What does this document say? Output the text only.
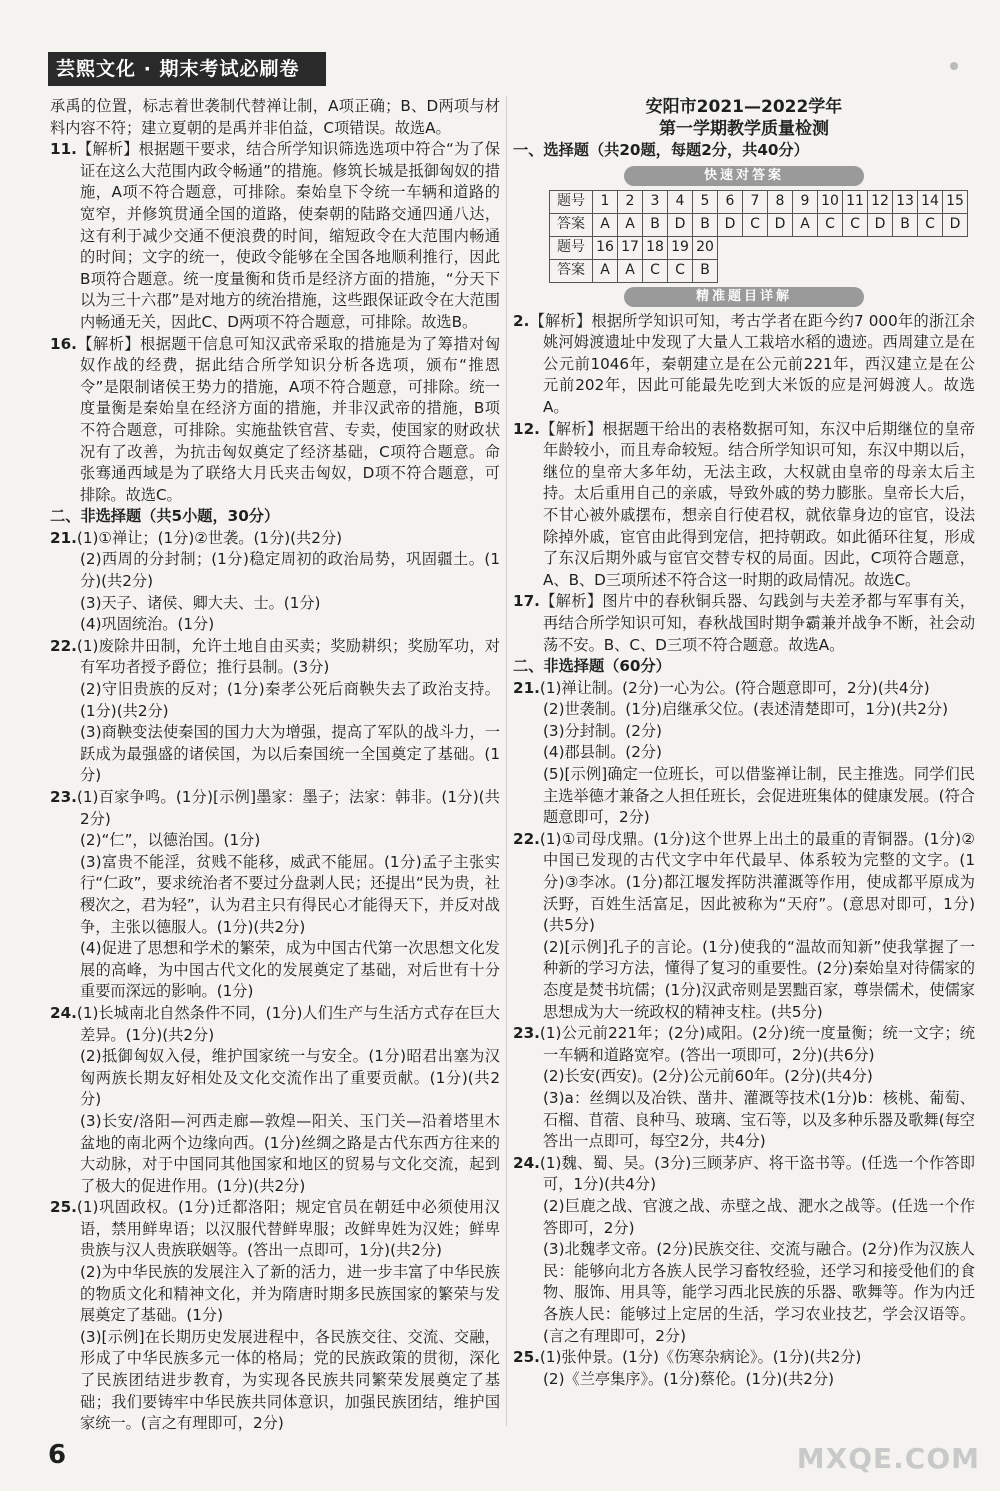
芸熙文化 · 期末考试必刷卷

承禹的位置，标志着世袭制代替禅让制，A项正确；B、D两项与材料内容不符；建立夏朝的是禹并非伯益，C项错误。故选A。

11.【解析】根据题干要求，结合所学知识筛选选项中符合“为了保证在这么大范围内政令畅通”的措施。修筑长城是抵御匈奴的措施，A项不符合题意，可排除。秦始皇下令统一车辆和道路的宽窄，并修筑贯通全国的道路，使秦朝的陆路交通四通八达，这有利于减少交通不便浪费的时间，缩短政令在大范围内畅通的时间；文字的统一，使政令能够在全国各地顺利推行，因此B项符合题意。统一度量衡和货币是经济方面的措施，“分天下以为三十六郡”是对地方的统治措施，这些跟保证政令在大范围内畅通无关，因此C、D两项不符合题意，可排除。故选B。

16.【解析】根据题干信息可知汉武帝采取的措施是为了筹措对匈奴作战的经费，据此结合所学知识分析各选项，颁布“推恩令”是限制诸侯王势力的措施，A项不符合题意，可排除。统一度量衡是秦始皇在经济方面的措施，并非汉武帝的措施，B项不符合题意，可排除。实施盐铁官营、专卖，使国家的财政状况有了改善，为抗击匈奴奠定了经济基础，C项符合题意。命张骞通西域是为了联络大月氏夹击匈奴，D项不符合题意，可排除。故选C。

二、非选择题（共5小题，30分）

21.(1)①禅让；(1分)②世袭。(1分)(共2分)

(2)西周的分封制；(1分)稳定周初的政治局势，巩固疆土。(1分)(共2分)

(3)天子、诸侯、卿大夫、士。(1分)

(4)巩固统治。(1分)

22.(1)废除井田制，允许土地自由买卖；奖励耕织；奖励军功，对有军功者授予爵位；推行县制。(3分)

(2)守旧贵族的反对；(1分)秦孝公死后商鞅失去了政治支持。(1分)(共2分)

(3)商鞅变法使秦国的国力大为增强，提高了军队的战斗力，一跃成为最强盛的诸侯国，为以后秦国统一全国奠定了基础。(1分)

23.(1)百家争鸣。(1分)[示例]墨家：墨子；法家：韩非。(1分)(共2分)

(2)“仁”，以德治国。(1分)

(3)富贵不能淫，贫贱不能移，威武不能屈。(1分)孟子主张实行“仁政”，要求统治者不要过分盘剥人民；还提出“民为贵，社稷次之，君为轻”，认为君主只有得民心才能得天下，并反对战争，主张以德服人。(1分)(共2分)

(4)促进了思想和学术的繁荣，成为中国古代第一次思想文化发展的高峰，为中国古代文化的发展奠定了基础，对后世有十分重要而深远的影响。(1分)

24.(1)长城南北自然条件不同，(1分)人们生产与生活方式存在巨大差异。(1分)(共2分)

(2)抵御匈奴入侵，维护国家统一与安全。(1分)昭君出塞为汉匈两族长期友好相处及文化交流作出了重要贡献。(1分)(共2分)

(3)长安/洛阳—河西走廊—敦煌—阳关、玉门关—沿着塔里木盆地的南北两个边缘向西。(1分)丝绸之路是古代东西方往来的大动脉，对于中国同其他国家和地区的贸易与文化交流，起到了极大的促进作用。(1分)(共2分)

25.(1)巩固政权。(1分)迁都洛阳；规定官员在朝廷中必须使用汉语，禁用鲜卑语；以汉服代替鲜卑服；改鲜卑姓为汉姓；鲜卑贵族与汉人贵族联姻等。(答出一点即可，1分)(共2分)

(2)为中华民族的发展注入了新的活力，进一步丰富了中华民族的物质文化和精神文化，并为隋唐时期多民族国家的繁荣与发展奠定了基础。(1分)

(3)[示例]在长期历史发展进程中，各民族交往、交流、交融，形成了中华民族多元一体的格局；党的民族政策的贯彻，深化了民族团结进步教育，为实现各民族共同繁荣发展奠定了基础；我们要铸牢中华民族共同体意识，加强民族团结，维护国家统一。(言之有理即可，2分)

安阳市2021—2022学年

第一学期教学质量检测

一、选择题（共20题，每题2分，共40分）

快速对答案
题号	1	2	3	4	5	6	7	8	9	10	11	12	13	14	15
答案	A	A	B	D	B	D	C	D	A	C	C	D	B	C	D
题号	16	17	18	19	20										
答案	A	A	C	C	B										
精准题目详解

2.【解析】根据所学知识可知，考古学者在距今约7 000年的浙江余姚河姆渡遗址中发现了大量人工栽培水稻的遗迹。西周建立是在公元前1046年，秦朝建立是在公元前221年，西汉建立是在公元前202年，因此可能最先吃到大米饭的应是河姆渡人。故选A。

12.【解析】根据题干给出的表格数据可知，东汉中后期继位的皇帝年龄较小，而且寿命较短。结合所学知识可知，东汉中期以后，继位的皇帝大多年幼，无法主政，大权就由皇帝的母亲太后主持。太后重用自己的亲戚，导致外戚的势力膨胀。皇帝长大后，不甘心被外戚摆布，想亲自行使君权，就依靠身边的宦官，设法除掉外戚，宦官由此得到宠信，把持朝政。如此循环往复，形成了东汉后期外戚与宦官交替专权的局面。因此，C项符合题意，A、B、D三项所述不符合这一时期的政局情况。故选C。

17.【解析】图片中的春秋铜兵器、勾践剑与夫差矛都与军事有关，再结合所学知识可知，春秋战国时期争霸兼并战争不断，社会动荡不安。B、C、D三项不符合题意。故选A。

二、非选择题（60分）

21.(1)禅让制。(2分)一心为公。(符合题意即可，2分)(共4分)

(2)世袭制。(1分)启继承父位。(表述清楚即可，1分)(共2分)

(3)分封制。(2分)

(4)郡县制。(2分)

(5)[示例]确定一位班长，可以借鉴禅让制，民主推选。同学们民主选举德才兼备之人担任班长，会促进班集体的健康发展。(符合题意即可，2分)

22.(1)①司母戊鼎。(1分)这个世界上出土的最重的青铜器。(1分)②中国已发现的古代文字中年代最早、体系较为完整的文字。(1分)③李冰。(1分)都江堰发挥防洪灌溉等作用，使成都平原成为沃野，百姓生活富足，因此被称为“天府”。(意思对即可，1分)(共5分)

(2)[示例]孔子的言论。(1分)使我的“温故而知新”使我掌握了一种新的学习方法，懂得了复习的重要性。(2分)秦始皇对待儒家的态度是焚书坑儒；(1分)汉武帝则是罢黜百家，尊崇儒术，使儒家思想成为大一统政权的精神支柱。(共5分)

23.(1)公元前221年；(2分)咸阳。(2分)统一度量衡；统一文字；统一车辆和道路宽窄。(答出一项即可，2分)(共6分)

(2)长安(西安)。(2分)公元前60年。(2分)(共4分)

(3)a：丝绸以及冶铁、凿井、灌溉等技术(1分)b：核桃、葡萄、石榴、苜蓿、良种马、玻璃、宝石等，以及多种乐器及歌舞(每空答出一点即可，每空2分，共4分)

24.(1)魏、蜀、吴。(3分)三顾茅庐、将干盗书等。(任选一个作答即可，1分)(共4分)

(2)巨鹿之战、官渡之战、赤壁之战、淝水之战等。(任选一个作答即可，2分)

(3)北魏孝文帝。(2分)民族交往、交流与融合。(2分)作为汉族人民：能够向北方各族人民学习畜牧经验，还学习和接受他们的食物、服饰、用具等，能学习西北民族的乐器、歌舞等。作为内迁各族人民：能够过上定居的生活，学习农业技艺，学会汉语等。(言之有理即可，2分)

25.(1)张仲景。(1分)《伤寒杂病论》。(1分)(共2分)

(2)《兰亭集序》。(1分)蔡伦。(1分)(共2分)

6	MXQE.COM
